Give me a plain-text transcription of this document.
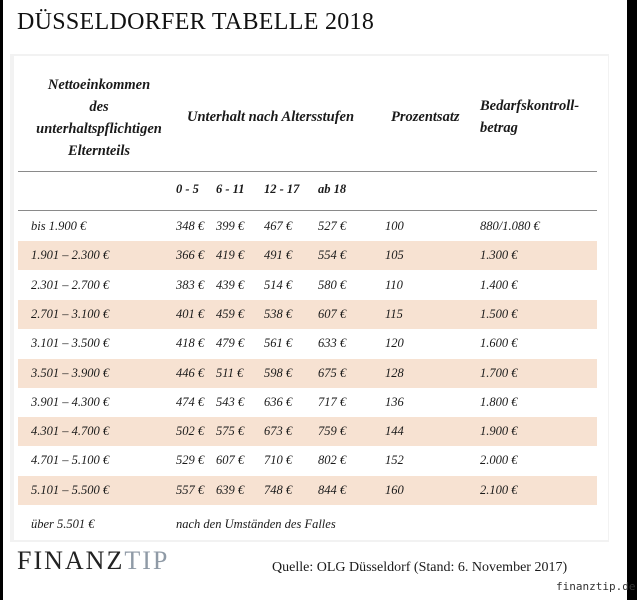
DÜSSELDORFER TABELLE 2018
Nettoeinkommen
des
unterhaltspflichtigen
Elternteils
Unterhalt nach Altersstufen	Prozentsatz
Bedarfskontroll-
betrag
0 - 5 6 - 11 12 - 17 ab 18
bis 1.900 €	348 € 399 € 467 € 527 €	100	880/1.080 €
1.901 – 2.300 €	366 € 419 € 491 € 554 €	105	1.300 €
2.301 – 2.700 €	383 € 439 € 514 € 580 €	110	1.400 €
2.701 – 3.100 €	401 € 459 € 538 € 607 €	115	1.500 €
3.101 – 3.500 €	418 € 479 € 561 € 633 €	120	1.600 €
3.501 – 3.900 €	446 € 511 € 598 € 675 €	128	1.700 €
3.901 – 4.300 €	474 € 543 € 636 € 717 €	136	1.800 €
4.301 – 4.700 €	502 € 575 € 673 € 759 €	144	1.900 €
4.701 – 5.100 €	529 € 607 € 710 € 802 €	152	2.000 €
5.101 – 5.500 €	557 € 639 € 748 € 844 €	160	2.100 €
über 5.501 €	nach den Umständen des Falles
FINANZTIP	Quelle: OLG Düsseldorf (Stand: 6. November 2017)
finanztip.de
